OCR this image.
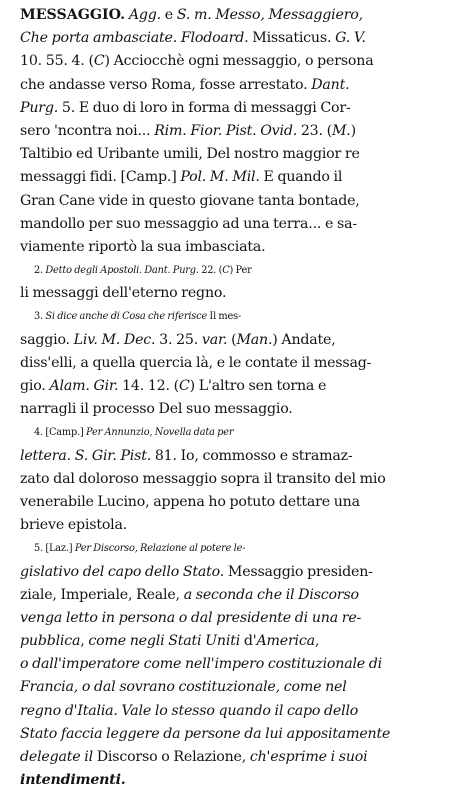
MESSAGGIO. Agg. e S. m. Messo, Messaggiero,
Che porta ambasciate. Flodoard. Missaticus. G. V.
10. 55. 4. (C) Acciocchè ogni messaggio, o persona
che andasse verso Roma, fosse arrestato. Dant.
Purg. 5. E duo di loro in forma di messaggi Cor-
sero 'ncontra noi... Rim. Fior. Pist. Ovid. 23. (M.)
Taltibio ed Uribante umili, Del nostro maggior re
messaggi fidi. [Camp.] Pol. M. Mil. E quando il
Gran Cane vide in questo giovane tanta bontade,
mandollo per suo messaggio ad una terra... e sa-
viamente riportò la sua imbasciata.
2. Detto degli Apostoli. Dant. Purg. 22. (C) Per
li messaggi dell'eterno regno.
3. Si dice anche di Cosa che riferisce Il mes-
saggio. Liv. M. Dec. 3. 25. var. (Man.) Andate,
diss'elli, a quella quercia là, e le contate il messag-
gio. Alam. Gir. 14. 12. (C) L'altro sen torna e
narragli il processo Del suo messaggio.
4. [Camp.] Per Annunzio, Novella data per
lettera. S. Gir. Pist. 81. Io, commosso e stramaz-
zato dal doloroso messaggio sopra il transito del mio
venerabile Lucino, appena ho potuto dettare una
brieve epistola.
5. [Laz.] Per Discorso, Relazione al potere le-
gislativo del capo dello Stato. Messaggio presiden-
ziale, Imperiale, Reale, a seconda che il Discorso
venga letto in persona o dal presidente di una re-
pubblica, come negli Stati Uniti d'America,
o dall'imperatore come nell'impero costituzionale di
Francia, o dal sovrano costituzionale, come nel
regno d'Italia. Vale lo stesso quando il capo dello
Stato faccia leggere da persone da lui appositamente
delegate il Discorso o Relazione, ch'esprime i suoi
intendimenti.
